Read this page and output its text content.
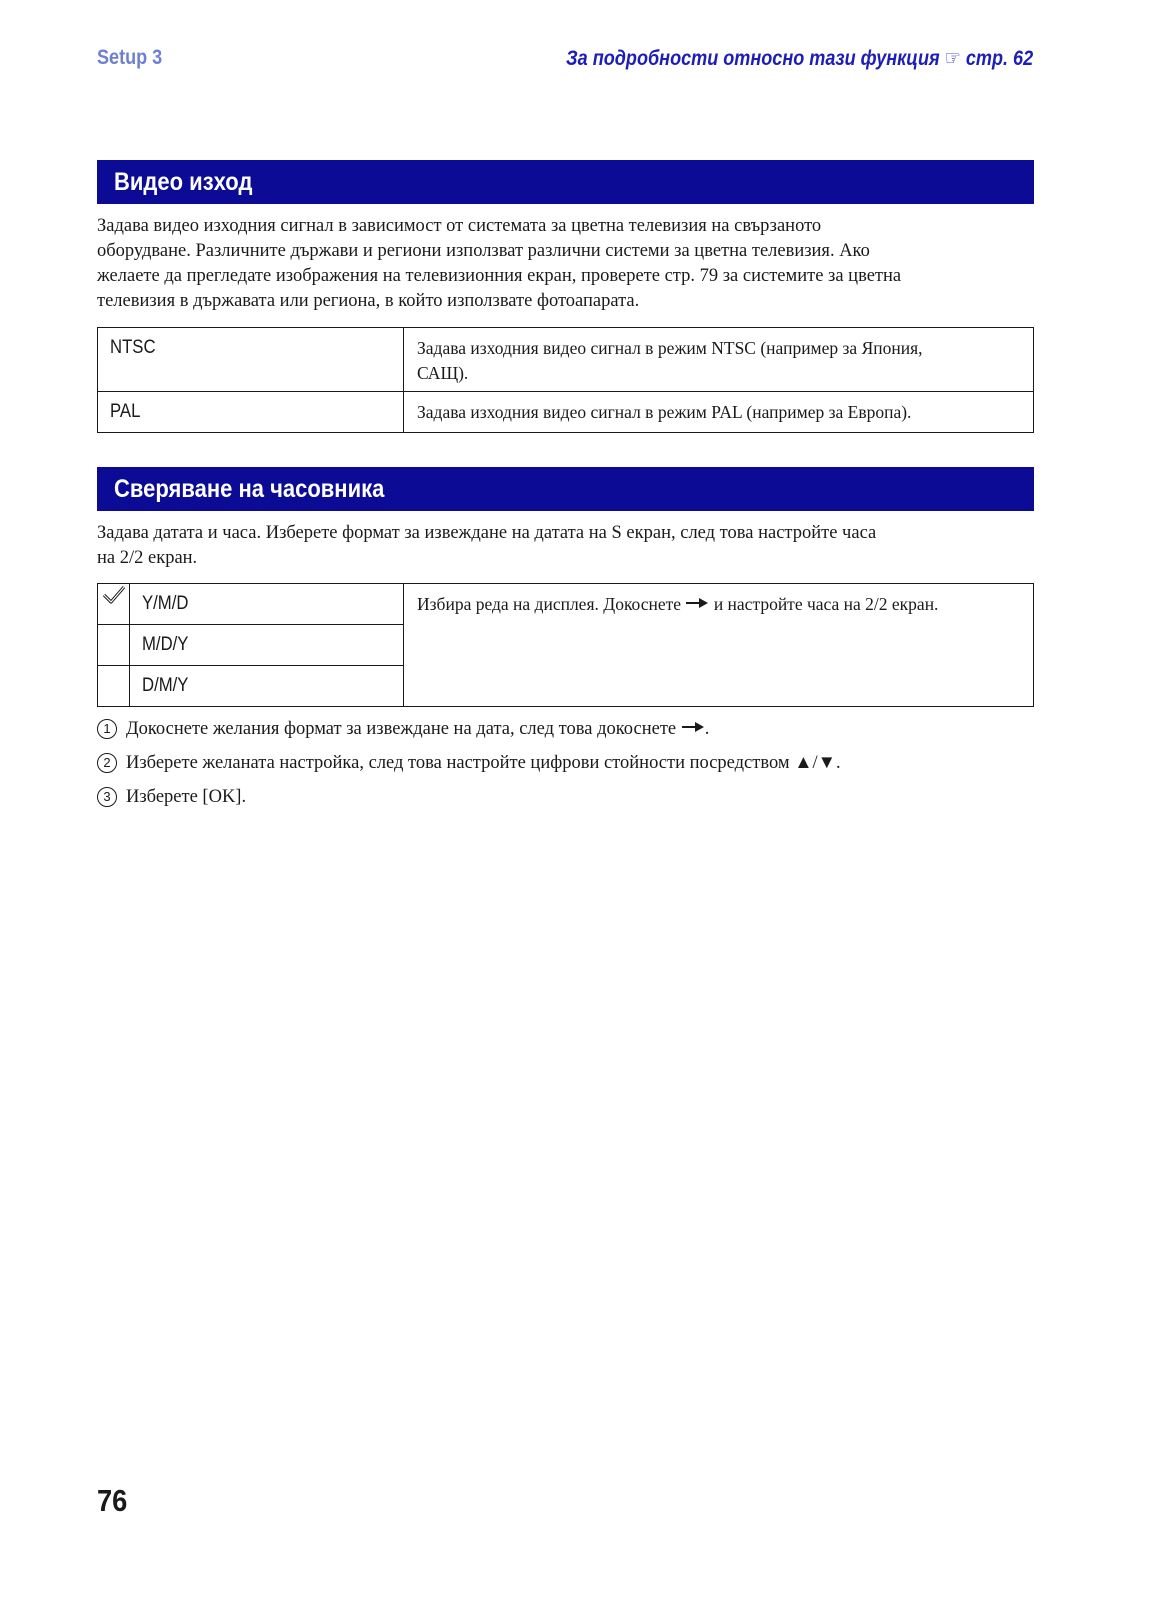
Setup 3	За подробности относно тази функция ☞ стр. 62
Видео изход
Задава видео изходния сигнал в зависимост от системата за цветна телевизия на свързаното
оборудване. Различните държави и региони използват различни системи за цветна телевизия. Ако
желаете да прегледате изображения на телевизионния екран, проверете стр. 79 за системите за цветна
телевизия в държавата или региона, в който използвате фотоапарата.
NTSC	Задава изходния видео сигнал в режим NTSC (например за Япония,
САЩ).

PAL	Задава изходния видео сигнал в режим PAL (например за Европа).
Сверяване на часовника
Задава датата и часа. Изберете формат за извеждане на датата на S екран, след това настройте часа
на 2/2 екран.
	Y/M/D	Избира реда на дисплея. Докоснете и настройте часа на 2/2 екран.
	M/D/Y	
	D/M/Y	
1 Докоснете желания формат за извеждане на дата, след това докоснете .
2 Изберете желаната настройка, след това настройте цифрови стойности посредством ▲/▼.
3 Изберете [OK].
76
